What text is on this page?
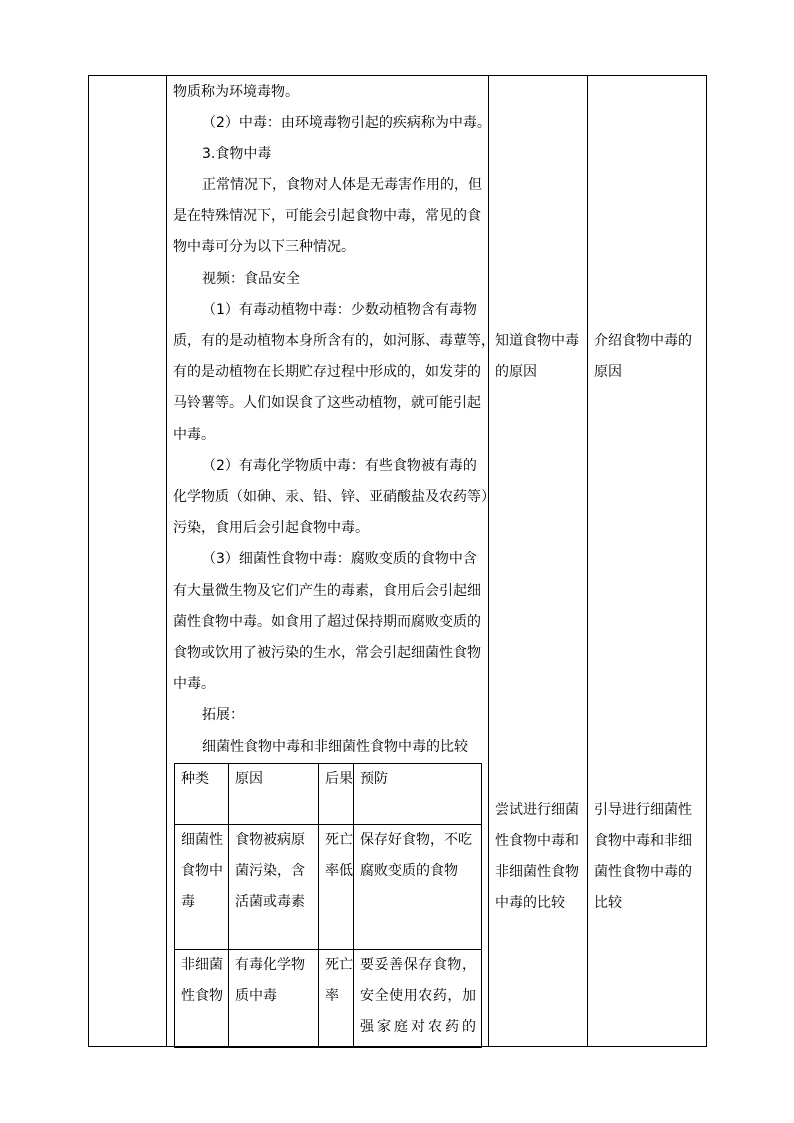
物质称为环境毒物。
（2）中毒：由环境毒物引起的疾病称为中毒。
3.食物中毒
正常情况下，食物对人体是无毒害作用的，但
是在特殊情况下，可能会引起食物中毒，常见的食
物中毒可分为以下三种情况。
视频：食品安全
（1）有毒动植物中毒：少数动植物含有毒物
质，有的是动植物本身所含有的，如河豚、毒蕈等，
有的是动植物在长期贮存过程中形成的，如发芽的
马铃薯等。人们如误食了这些动植物，就可能引起
中毒。
（2）有毒化学物质中毒：有些食物被有毒的
化学物质（如砷、汞、铅、锌、亚硝酸盐及农药等）
污染，食用后会引起食物中毒。
（3）细菌性食物中毒：腐败变质的食物中含
有大量微生物及它们产生的毒素，食用后会引起细
菌性食物中毒。如食用了超过保持期而腐败变质的
食物或饮用了被污染的生水，常会引起细菌性食物
中毒。
拓展：
细菌性食物中毒和非细菌性食物中毒的比较
种类	原因	后果	预防
细菌性食物中毒	食物被病原菌污染，含活菌或毒素	死亡率低	保存好食物，不吃腐败变质的食物
非细菌性食物	有毒化学物质中毒	死亡率	要妥善保存食物，安全使用农药，加强家庭对农药的
知道食物中毒的原因
尝试进行细菌性食物中毒和非细菌性食物中毒的比较
介绍食物中毒的原因
引导进行细菌性食物中毒和非细菌性食物中毒的比较
